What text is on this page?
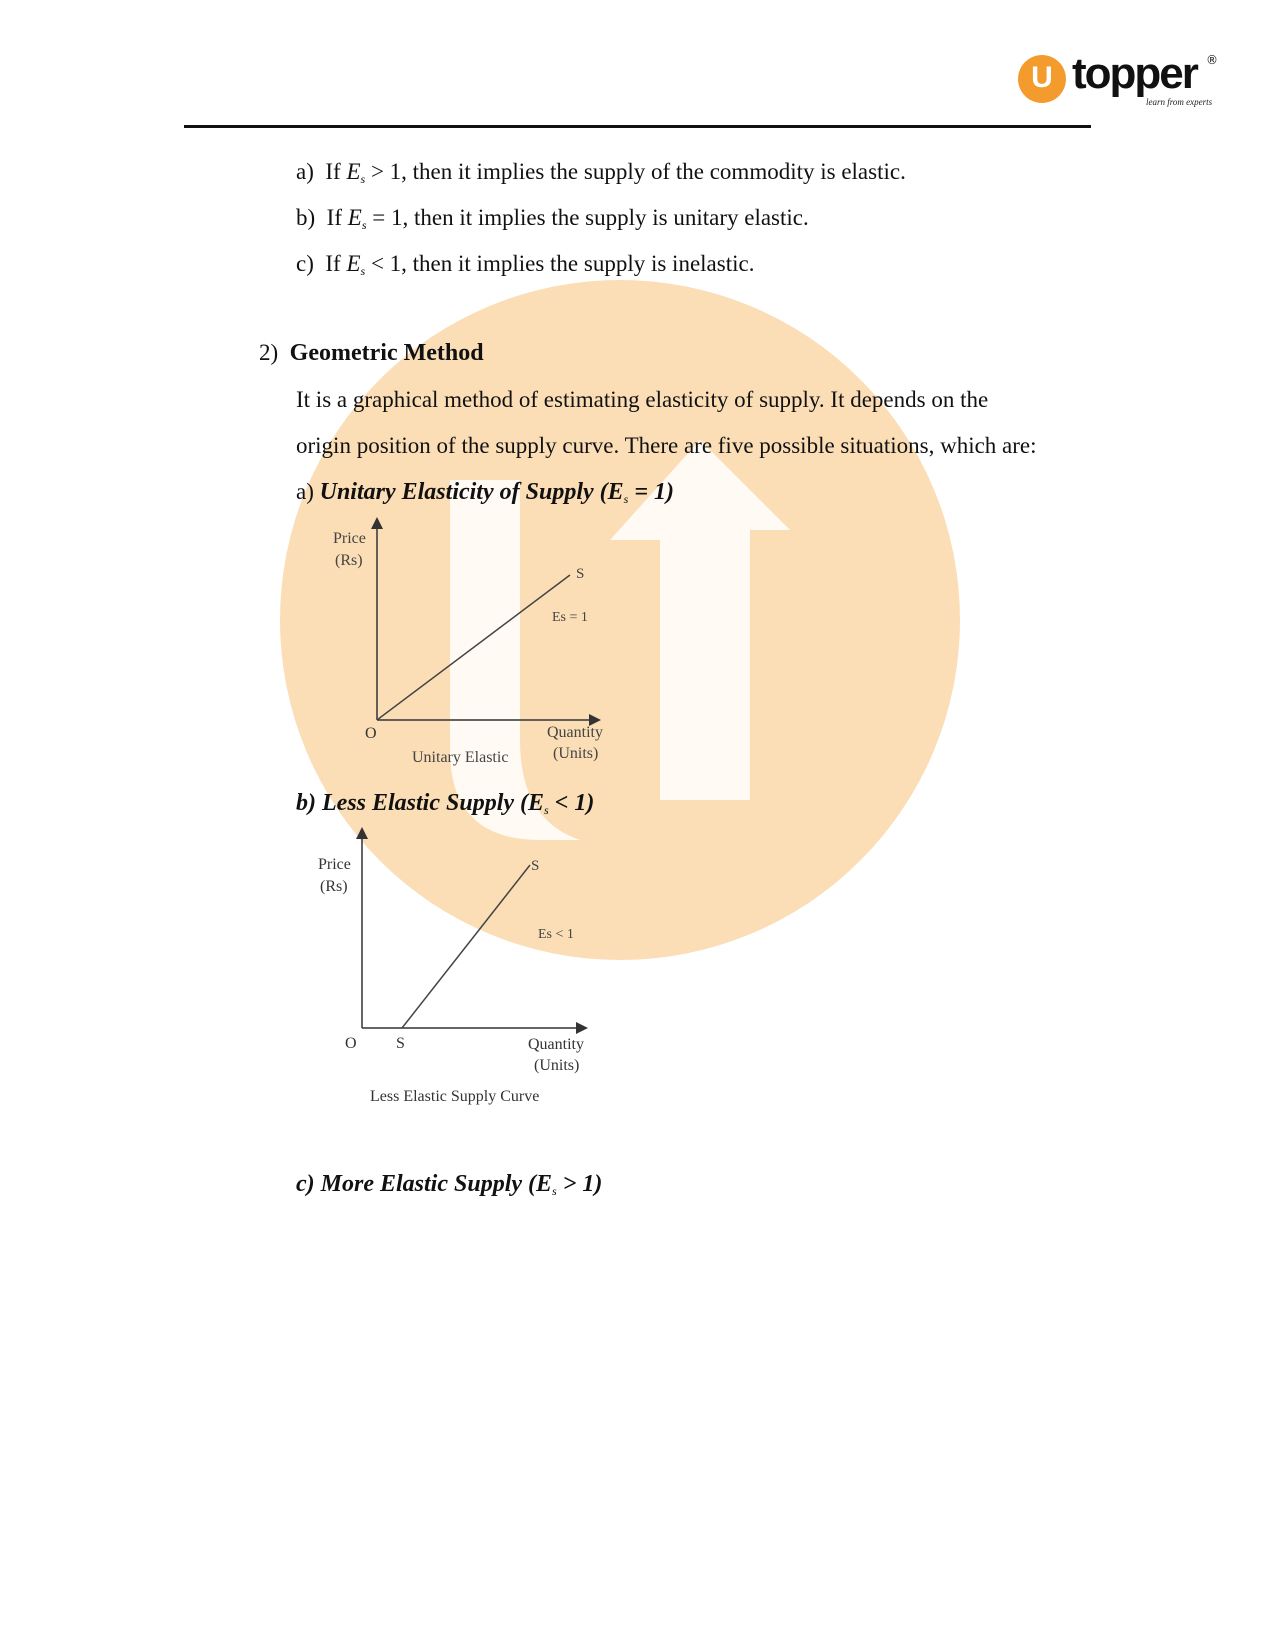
U topper ®
learn from experts
a) If $E_s > 1$, then it implies the supply of the commodity is elastic.
b) If $E_s = 1$, then it implies the supply is unitary elastic.
c) If $E_s < 1$, then it implies the supply is inelastic.
2) Geometric Method
It is a graphical method of estimating elasticity of supply. It depends on the
origin position of the supply curve. There are five possible situations, which are:
a) Unitary Elasticity of Supply $(E_s = 1)$
Price
(Rs)
S
Es = 1
O	Quantity
(Units)
Unitary Elastic
b) Less Elastic Supply $(E_s < 1)$
Price
(Rs)
S
Es < 1
O S	Quantity
(Units)
Less Elastic Supply Curve
c) More Elastic Supply $(E_s > 1)$
